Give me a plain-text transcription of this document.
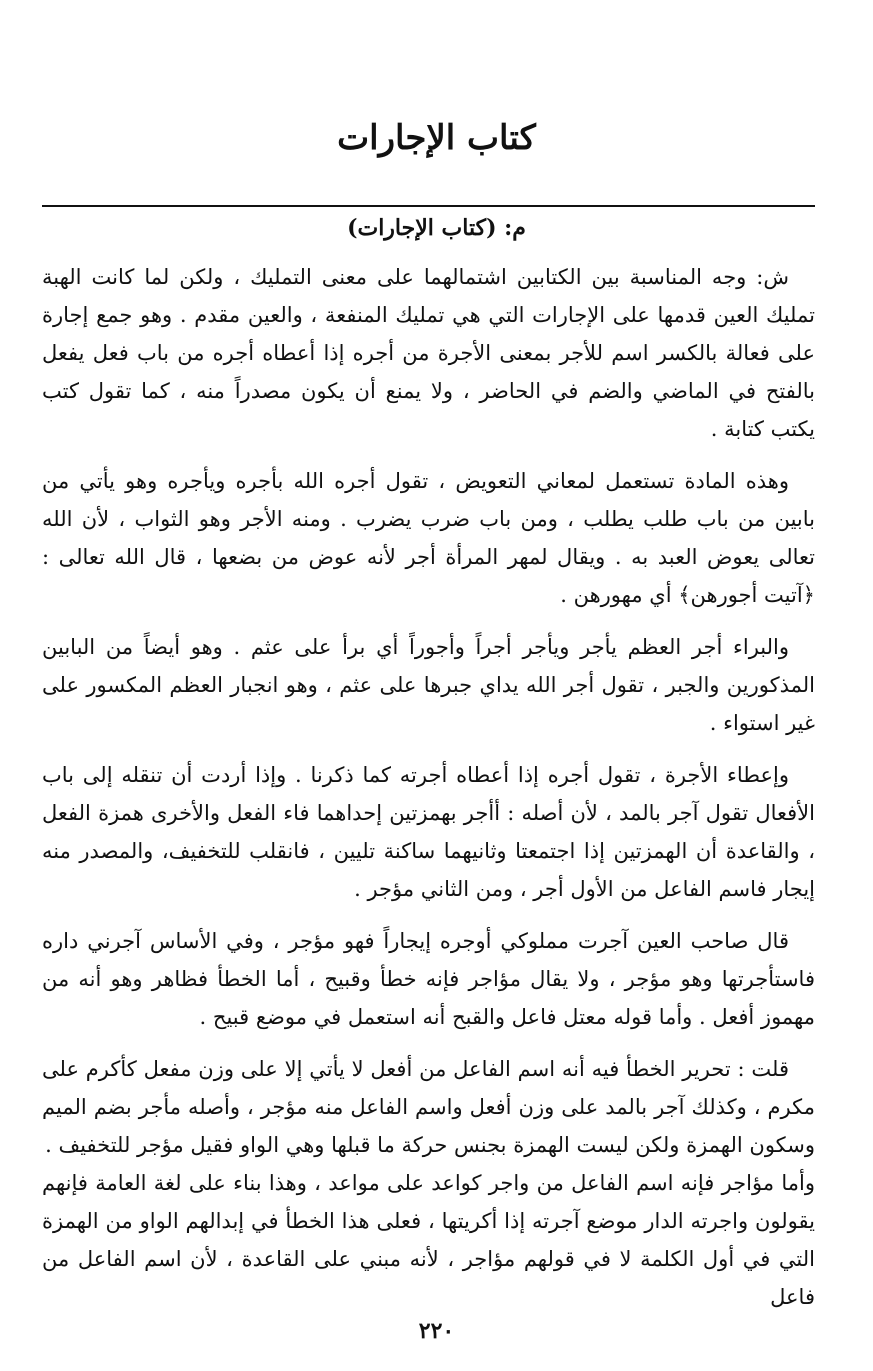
كتاب الإجارات
م: (كتاب الإجارات)

ش: وجه المناسبة بين الكتابين اشتمالهما على معنى التمليك ، ولكن لما كانت الهبة تمليك العين قدمها على الإجارات التي هي تمليك المنفعة ، والعين مقدم . وهو جمع إجارة على فعالة بالكسر اسم للأجر بمعنى الأجرة من أجره إذا أعطاه أجره من باب فعل يفعل بالفتح في الماضي والضم في الحاضر ، ولا يمنع أن يكون مصدراً منه ، كما تقول كتب يكتب كتابة .

وهذه المادة تستعمل لمعاني التعويض ، تقول أجره الله بأجره ويأجره وهو يأتي من بابين من باب طلب يطلب ، ومن باب ضرب يضرب . ومنه الأجر وهو الثواب ، لأن الله تعالى يعوض العبد به . ويقال لمهر المرأة أجر لأنه عوض من بضعها ، قال الله تعالى : ﴿آتيت أجورهن﴾ أي مهورهن .

والبراء أجر العظم يأجر ويأجر أجراً وأجوراً أي برأ على عثم . وهو أيضاً من البابين المذكورين والجبر ، تقول أجر الله يداي جبرها على عثم ، وهو انجبار العظم المكسور على غير استواء .

وإعطاء الأجرة ، تقول أجره إذا أعطاه أجرته كما ذكرنا . وإذا أردت أن تنقله إلى باب الأفعال تقول آجر بالمد ، لأن أصله : أأجر بهمزتين إحداهما فاء الفعل والأخرى همزة الفعل ، والقاعدة أن الهمزتين إذا اجتمعتا وثانيهما ساكنة تليين ، فانقلب للتخفيف، والمصدر منه إيجار فاسم الفاعل من الأول أجر ، ومن الثاني مؤجر .

قال صاحب العين آجرت مملوكي أوجره إيجاراً فهو مؤجر ، وفي الأساس آجرني داره فاستأجرتها وهو مؤجر ، ولا يقال مؤاجر فإنه خطأ وقبيح ، أما الخطأ فظاهر وهو أنه من مهموز أفعل . وأما قوله معتل فاعل والقبح أنه استعمل في موضع قبيح .

قلت : تحرير الخطأ فيه أنه اسم الفاعل من أفعل لا يأتي إلا على وزن مفعل كأكرم على مكرم ، وكذلك آجر بالمد على وزن أفعل واسم الفاعل منه مؤجر ، وأصله مأجر بضم الميم وسكون الهمزة ولكن ليست الهمزة بجنس حركة ما قبلها وهي الواو فقيل مؤجر للتخفيف .

وأما مؤاجر فإنه اسم الفاعل من واجر كواعد على مواعد ، وهذا بناء على لغة العامة فإنهم يقولون واجرته الدار موضع آجرته إذا أكريتها ، فعلى هذا الخطأ في إبدالهم الواو من الهمزة التي في أول الكلمة لا في قولهم مؤاجر ، لأنه مبني على القاعدة ، لأن اسم الفاعل من فاعل

٢٢٠
